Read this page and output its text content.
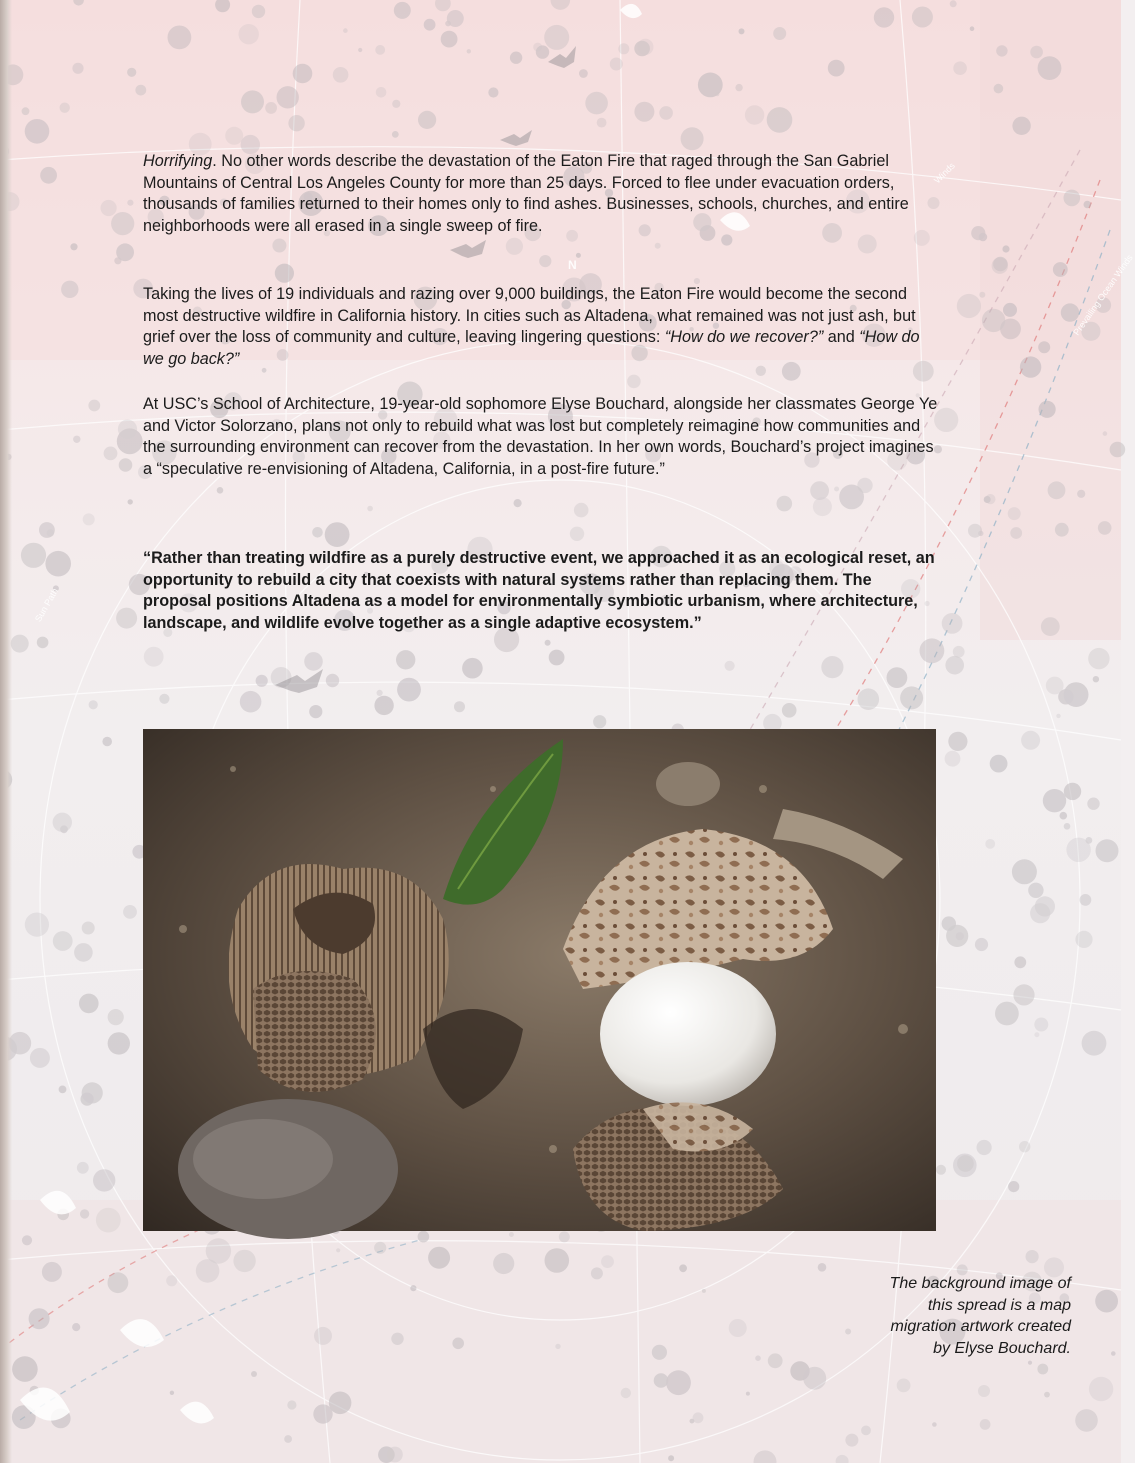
N
Winds
Prevailing Ocean Winds
Sun Path

Horrifying. No other words describe the devastation of the Eaton Fire that raged through the San Gabriel Mountains of Central Los Angeles County for more than 25 days. Forced to flee under evacuation orders, thousands of families returned to their homes only to find ashes. Businesses, schools, churches, and entire neighborhoods were all erased in a single sweep of fire.

Taking the lives of 19 individuals and razing over 9,000 buildings, the Eaton Fire would become the second most destructive wildfire in California history. In cities such as Altadena, what remained was not just ash, but grief over the loss of community and culture, leaving lingering questions: “How do we recover?” and “How do we go back?”

At USC’s School of Architecture, 19-year-old sophomore Elyse Bouchard, alongside her classmates George Ye and Victor Solorzano, plans not only to rebuild what was lost but completely reimagine how communities and the surrounding environment can recover from the devastation. In her own words, Bouchard’s project imagines a “speculative re-envisioning of Altadena, California, in a post-fire future.”

“Rather than treating wildfire as a purely destructive event, we approached it as an ecological reset, an opportunity to rebuild a city that coexists with natural systems rather than replacing them. The proposal positions Altadena as a model for environmentally symbiotic urbanism, where architecture, landscape, and wildlife evolve together as a single adaptive ecosystem.”

The background image of this spread is a map migration artwork created by Elyse Bouchard.
